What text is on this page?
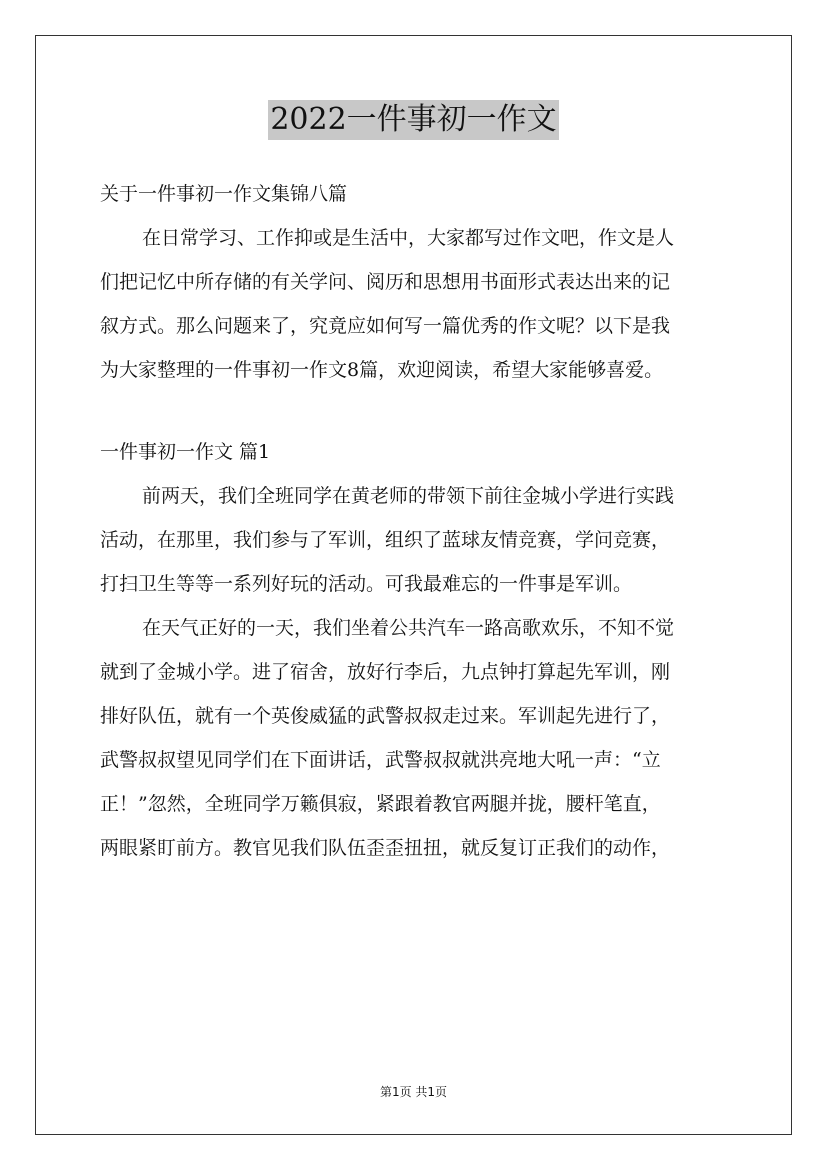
2022一件事初一作文
关于一件事初一作文集锦八篇
在日常学习、工作抑或是生活中，大家都写过作文吧，作文是人
们把记忆中所存储的有关学问、阅历和思想用书面形式表达出来的记
叙方式。那么问题来了，究竟应如何写一篇优秀的作文呢？以下是我
为大家整理的一件事初一作文8篇，欢迎阅读，希望大家能够喜爱。
一件事初一作文 篇1
前两天，我们全班同学在黄老师的带领下前往金城小学进行实践
活动，在那里，我们参与了军训，组织了蓝球友情竞赛，学问竞赛，
打扫卫生等等一系列好玩的活动。可我最难忘的一件事是军训。
在天气正好的一天，我们坐着公共汽车一路高歌欢乐，不知不觉
就到了金城小学。进了宿舍，放好行李后，九点钟打算起先军训，刚
排好队伍，就有一个英俊威猛的武警叔叔走过来。军训起先进行了，
武警叔叔望见同学们在下面讲话，武警叔叔就洪亮地大吼一声：“立
正！”忽然，全班同学万籁俱寂，紧跟着教官两腿并拢，腰杆笔直，
两眼紧盯前方。教官见我们队伍歪歪扭扭，就反复订正我们的动作，
第1页 共1页
